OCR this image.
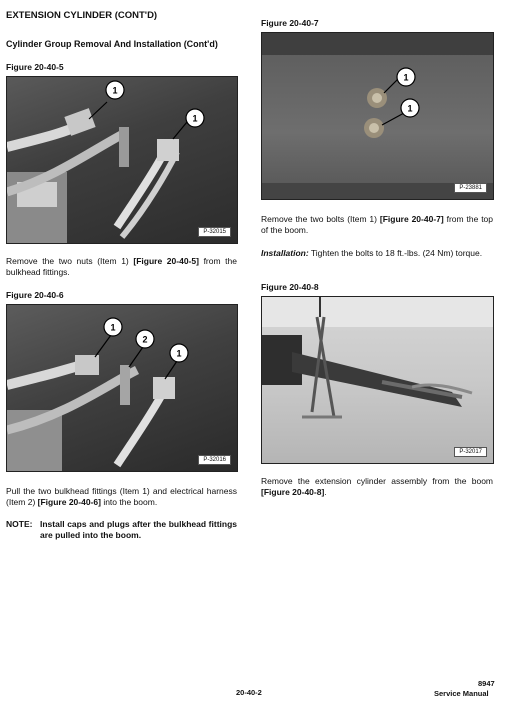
EXTENSION CYLINDER (CONT'D)
Cylinder Group Removal And Installation (Cont'd)
Figure 20-40-5
1
1
P-32015
Remove the two nuts (Item 1) [Figure 20-40-5] from the bulkhead fittings.
Figure 20-40-6
1
2
1
P-32016
Pull the two bulkhead fittings (Item 1) and electrical harness (Item 2) [Figure 20-40-6] into the boom.
NOTE: Install caps and plugs after the bulkhead fittings are pulled into the boom.
Figure 20-40-7
1
1
P-23881
Remove the two bolts (Item 1) [Figure 20-40-7] from the top of the boom.
Installation: Tighten the bolts to 18 ft.-lbs. (24 Nm) torque.
Figure 20-40-8
P-32017
Remove the extension cylinder assembly from the boom [Figure 20-40-8].
20-40-2
8947
Service Manual
